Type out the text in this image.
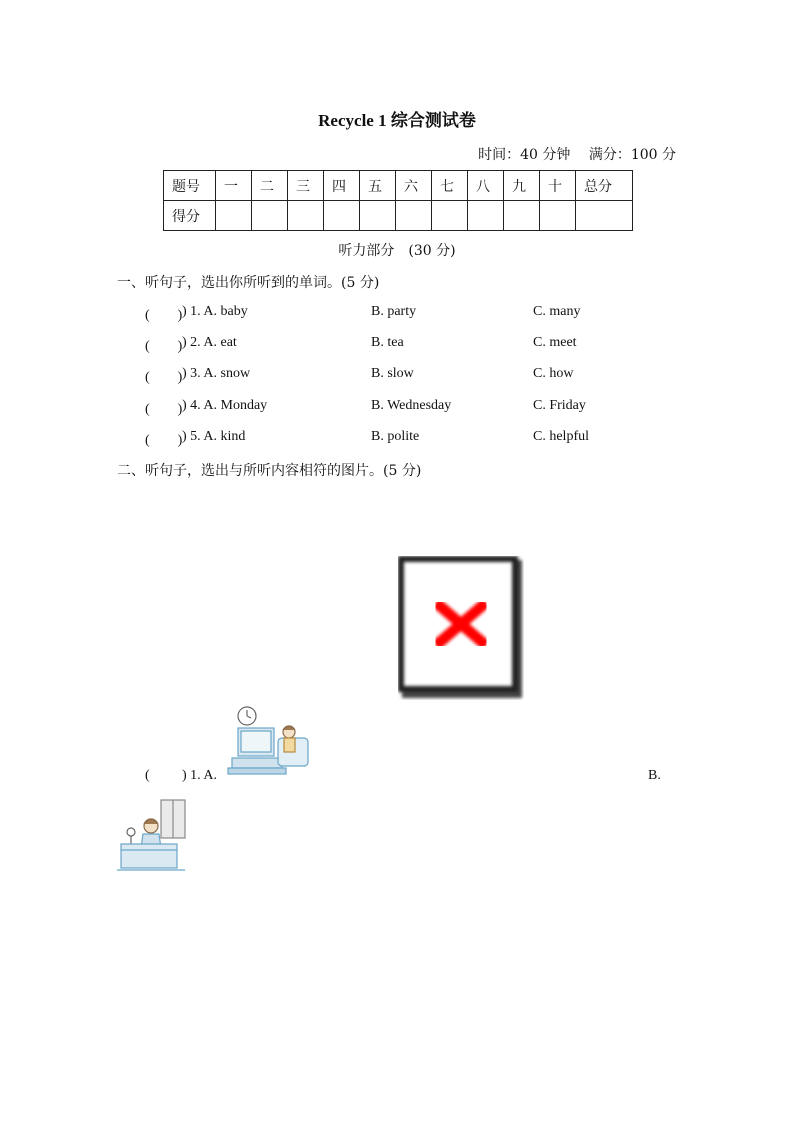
Recycle 1 综合测试卷
时间：40 分钟 满分：100 分
题号	一	二	三	四	五	六	七	八	九	十	总分
得分											
听力部分　(30 分)
一、听句子，选出你所听到的单词。(5 分)
(　　) ) 1. A. baby	B. party	C. many
(　　) ) 2. A. eat	B. tea	C. meet
(　　) ) 3. A. snow	B. slow	C. how
(　　) ) 4. A. Monday	B. Wednesday	C. Friday
(　　) ) 5. A. kind	B. polite	C. helpful
二、听句子，选出与所听内容相符的图片。(5 分)
( ) 1. A.	B.
